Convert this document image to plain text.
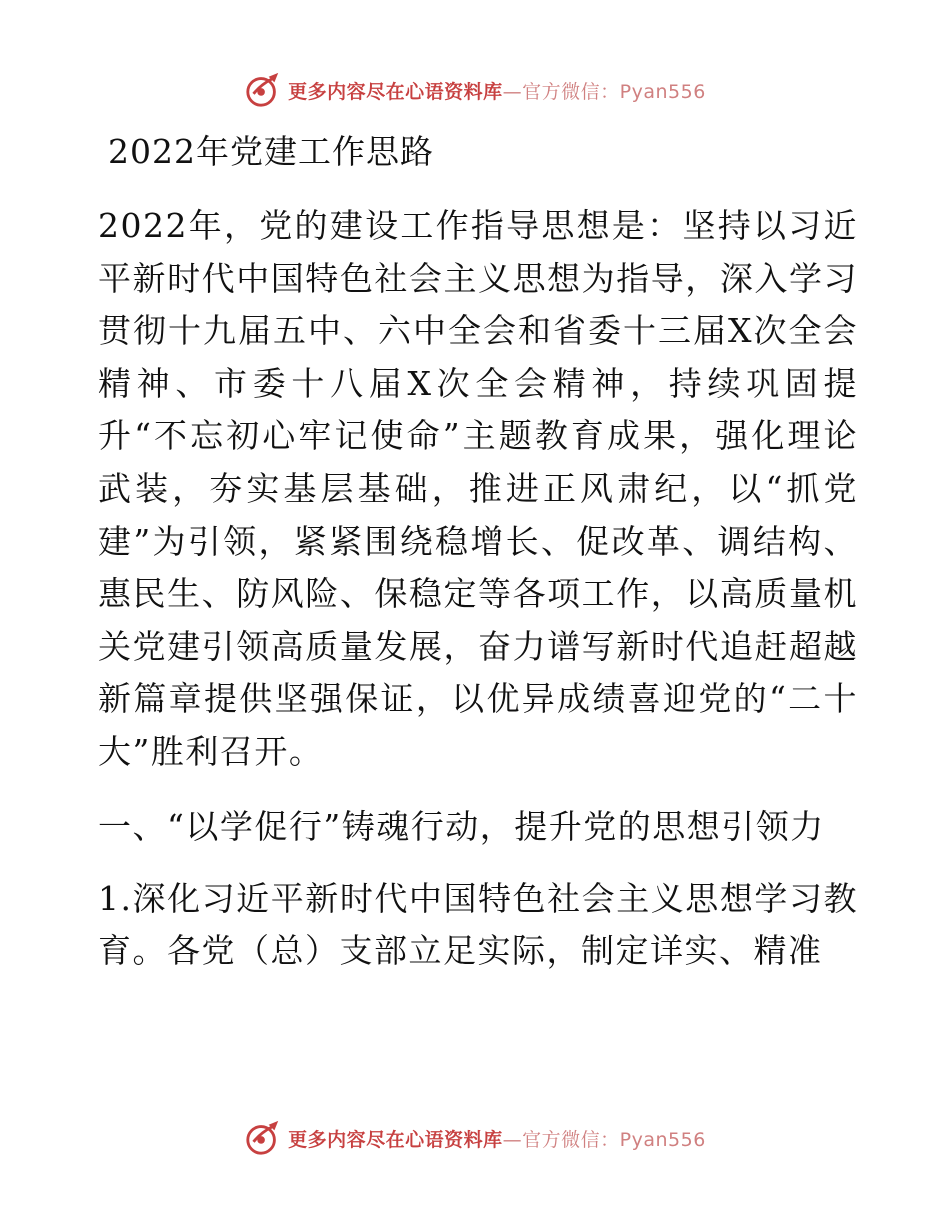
更多内容尽在心语资料库—官方微信：Pyan556
2022年党建工作思路
2022年，党的建设工作指导思想是：坚持以习近平新时代中国特色社会主义思想为指导，深入学习贯彻十九届五中、六中全会和省委十三届X次全会精神、市委十八届X次全会精神，持续巩固提升“不忘初心牢记使命”主题教育成果，强化理论武装，夯实基层基础，推进正风肃纪，以“抓党建”为引领，紧紧围绕稳增长、促改革、调结构、惠民生、防风险、保稳定等各项工作，以高质量机关党建引领高质量发展，奋力谱写新时代追赶超越新篇章提供坚强保证，以优异成绩喜迎党的“二十大”胜利召开。
一、“以学促行”铸魂行动，提升党的思想引领力
1.深化习近平新时代中国特色社会主义思想学习教育。各党（总）支部立足实际，制定详实、精准
更多内容尽在心语资料库—官方微信：Pyan556
